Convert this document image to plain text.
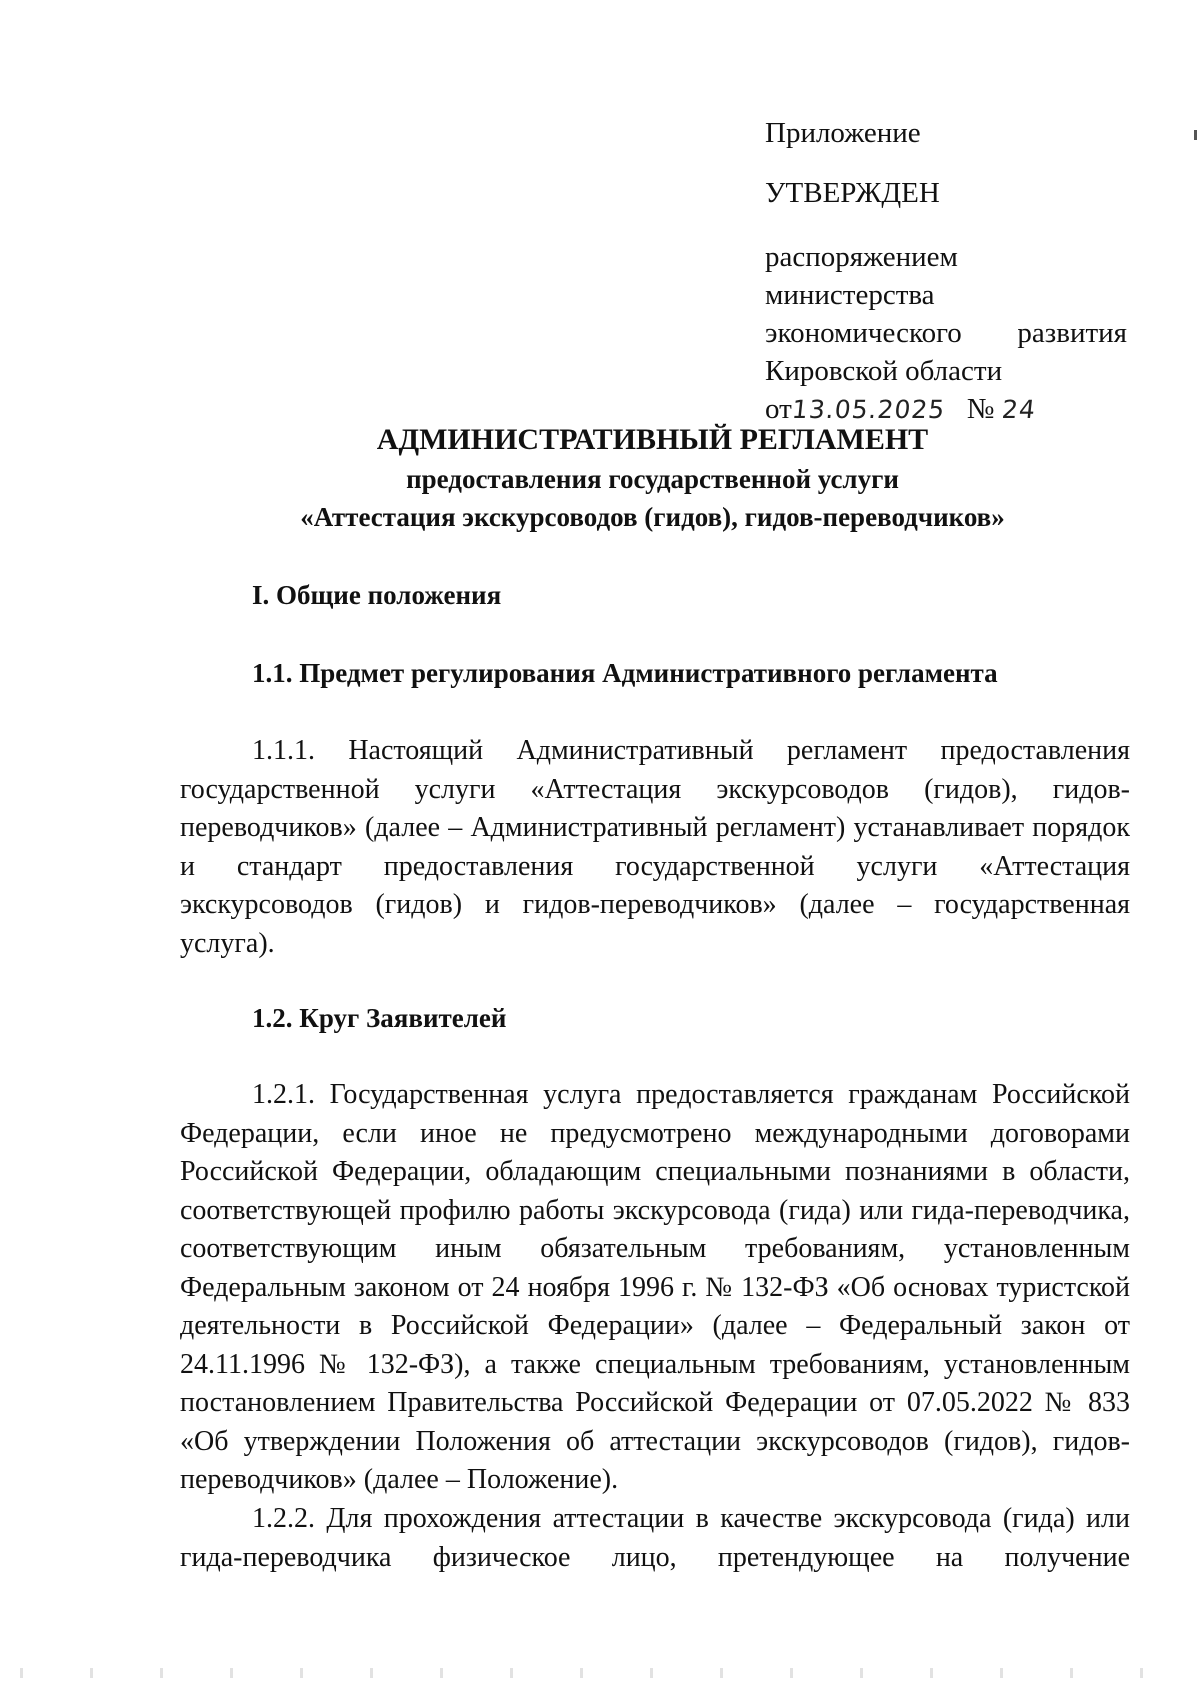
Приложение
УТВЕРЖДЕН
распоряжением министерства
экономического развития
Кировской области
от13.05.2025 № 24
АДМИНИСТРАТИВНЫЙ РЕГЛАМЕНТ
предоставления государственной услуги
«Аттестация экскурсоводов (гидов), гидов-переводчиков»
I. Общие положения
1.1. Предмет регулирования Административного регламента
1.1.1. Настоящий Административный регламент предоставления государственной услуги «Аттестация экскурсоводов (гидов), гидов-переводчиков» (далее – Административный регламент) устанавливает порядок и стандарт предоставления государственной услуги «Аттестация экскурсоводов (гидов) и гидов-переводчиков» (далее – государственная услуга).
1.2. Круг Заявителей
1.2.1. Государственная услуга предоставляется гражданам Российской Федерации, если иное не предусмотрено международными договорами Российской Федерации, обладающим специальными познаниями в области, соответствующей профилю работы экскурсовода (гида) или гида-переводчика, соответствующим иным обязательным требованиям, установленным Федеральным законом от 24 ноября 1996 г. № 132-ФЗ «Об основах туристской деятельности в Российской Федерации» (далее – Федеральный закон от 24.11.1996 № 132-ФЗ), а также специальным требованиям, установленным постановлением Правительства Российской Федерации от 07.05.2022 № 833 «Об утверждении Положения об аттестации экскурсоводов (гидов), гидов-переводчиков» (далее – Положение).
1.2.2. Для прохождения аттестации в качестве экскурсовода (гида) или гида-переводчика физическое лицо, претендующее на получение
